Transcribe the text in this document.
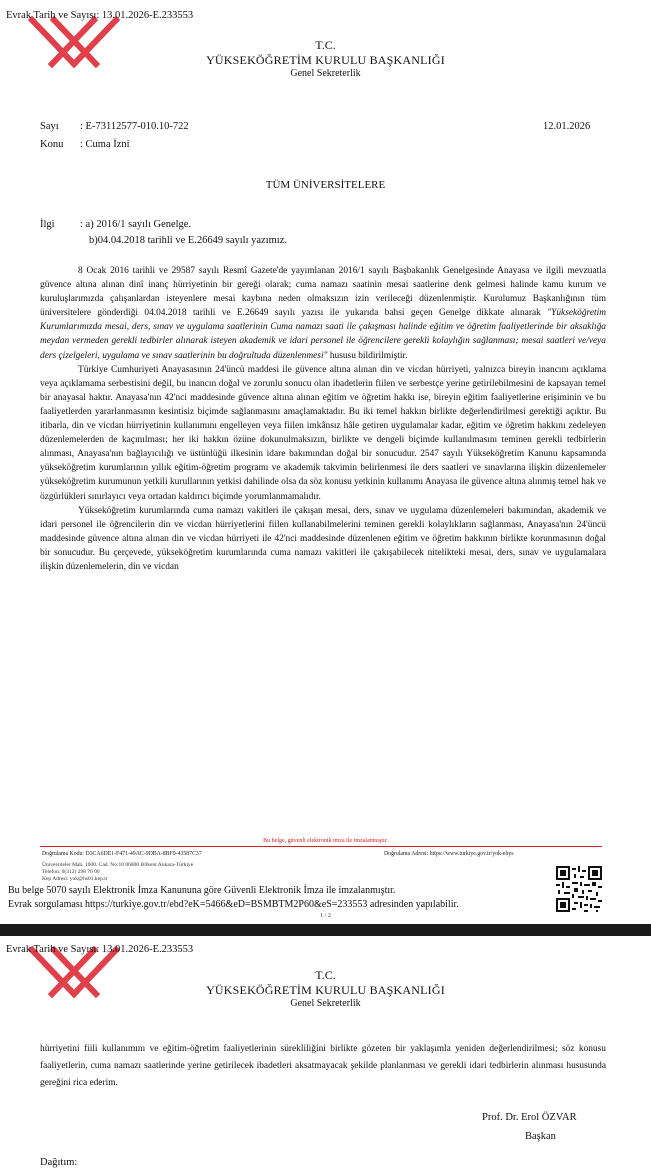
Evrak Tarih ve Sayısı: 13.01.2026-E.233553
T.C.
YÜKSEKÖĞRETİM KURULU BAŞKANLIĞI
Genel Sekreterlik
Sayı : E-73112577-010.10-722	12.01.2026
Konu : Cuma İzni
TÜM ÜNİVERSİTELERE
İlgi : a) 2016/1 sayılı Genelge.
b)04.04.2018 tarihli ve E.26649 sayılı yazımız.

8 Ocak 2016 tarihli ve 29587 sayılı Resmî Gazete'de yayımlanan 2016/1 sayılı Başbakanlık Genelgesinde Anayasa ve ilgili mevzuatla güvence altına alınan dinî inanç hürriyetinin bir gereği olarak; cuma namazı saatinin mesai saatlerine denk gelmesi halinde kamu kurum ve kuruluşlarımızda çalışanlardan isteyenlere mesai kaybına neden olmaksızın izin verileceği düzenlenmiştir. Kurulumuz Başkanlığının tüm üniversitelere gönderdiği 04.04.2018 tarihli ve E.26649 sayılı yazısı ile yukarıda bahsi geçen Genelge dikkate alınarak "Yükseköğretim Kurumlarımızda mesai, ders, sınav ve uygulama saatlerinin Cuma namazı saati ile çakışması halinde eğitim ve öğretim faaliyetlerinde bir aksaklığa meydan vermeden gerekli tedbirler alınarak isteyen akademik ve idari personel ile öğrencilere gerekli kolaylığın sağlanması; mesai saatleri ve/veya ders çizelgeleri, uygulama ve sınav saatlerinin bu doğrultuda düzenlenmesi" hususu bildirilmiştir.

Türkiye Cumhuriyeti Anayasasının 24'üncü maddesi ile güvence altına alınan din ve vicdan hürriyeti, yalnızca bireyin inancını açıklama veya açıklamama serbestisini değil, bu inancın doğal ve zorunlu sonucu olan ibadetlerin fiilen ve serbestçe yerine getirilebilmesini de kapsayan temel bir anayasal haktır. Anayasa'nın 42'nci maddesinde güvence altına alınan eğitim ve öğretim hakkı ise, bireyin eğitim faaliyetlerine erişiminin ve bu faaliyetlerden yararlanmasının kesintisiz biçimde sağlanmasını amaçlamaktadır. Bu iki temel hakkın birlikte değerlendirilmesi gerektiği açıktır. Bu itibarla, din ve vicdan hürriyetinin kullanımını engelleyen veya fiilen imkânsız hâle getiren uygulamalar kadar, eğitim ve öğretim hakkını zedeleyen düzenlemelerden de kaçınılması; her iki hakkın özüne dokunulmaksızın, birlikte ve dengeli biçimde kullanılmasını teminen gerekli tedbirlerin alınması, Anayasa'nın bağlayıcılığı ve üstünlüğü ilkesinin idare bakımından doğal bir sonucudur. 2547 sayılı Yükseköğretim Kanunu kapsamında yükseköğretim kurumlarının yıllık eğitim-öğretim programı ve akademik takvimin belirlenmesi ile ders saatleri ve sınavlarına ilişkin düzenlemeler yükseköğretim kurumunun yetkili kurullarının yetkisi dahilinde olsa da söz konusu yetkinin kullanımı Anayasa ile güvence altına alınmış temel hak ve özgürlükleri sınırlayıcı veya ortadan kaldırıcı biçimde yorumlanmamalıdır.

Yükseköğretim kurumlarında cuma namazı vakitleri ile çakışan mesai, ders, sınav ve uygulama düzenlemeleri bakımından, akademik ve idari personel ile öğrencilerin din ve vicdan hürriyetlerini fiilen kullanabilmelerini teminen gerekli kolaylıkların sağlanması, Anayasa'nın 24'üncü maddesinde güvence altına alınan din ve vicdan hürriyeti ile 42'nci maddesinde düzenlenen eğitim ve öğretim hakkının birlikte korunmasının doğal bir sonucudur. Bu çerçevede, yükseköğretim kurumlarında cuma namazı vakitleri ile çakışabilecek nitelikteki mesai, ders, sınav ve uygulamalara ilişkin düzenlemelerin, din ve vicdan

Bu belge, güvenli elektronik imza ile imzalanmıştır.
Doğrulama Kodu: D3CA6DE1-F471-49AC-9DBA-8BF9-43587C37	Doğrulama Adresi: https://www.turkiye.gov.tr/yok-ebys
Üniversiteler Mah. 1600. Cad. No:10 06800 Bilkent Ankara-Türkiye
Telefon: 0(312) 298 70 00
Kep Adresi: yok@hs01.kep.tr
Bu belge 5070 sayılı Elektronik İmza Kanununa göre Güvenli Elektronik İmza ile imzalanmıştır.
Evrak sorgulaması https://turkiye.gov.tr/ebd?eK=5466&eD=BSMBTM2P60&eS=233553 adresinden yapılabilir.
1 / 2
Evrak Tarih ve Sayısı: 13.01.2026-E.233553
T.C.
YÜKSEKÖĞRETİM KURULU BAŞKANLIĞI
Genel Sekreterlik

hürriyetini fiili kullanımını ve eğitim-öğretim faaliyetlerinin sürekliliğini birlikte gözeten bir yaklaşımla yeniden değerlendirilmesi; söz konusu faaliyetlerin, cuma namazı saatlerinde yerine getirilecek ibadetleri aksatmayacak şekilde planlanması ve gerekli idari tedbirlerin alınması hususunda gereğini rica ederim.

Prof. Dr. Erol ÖZVAR
Başkan
Dağıtım:
